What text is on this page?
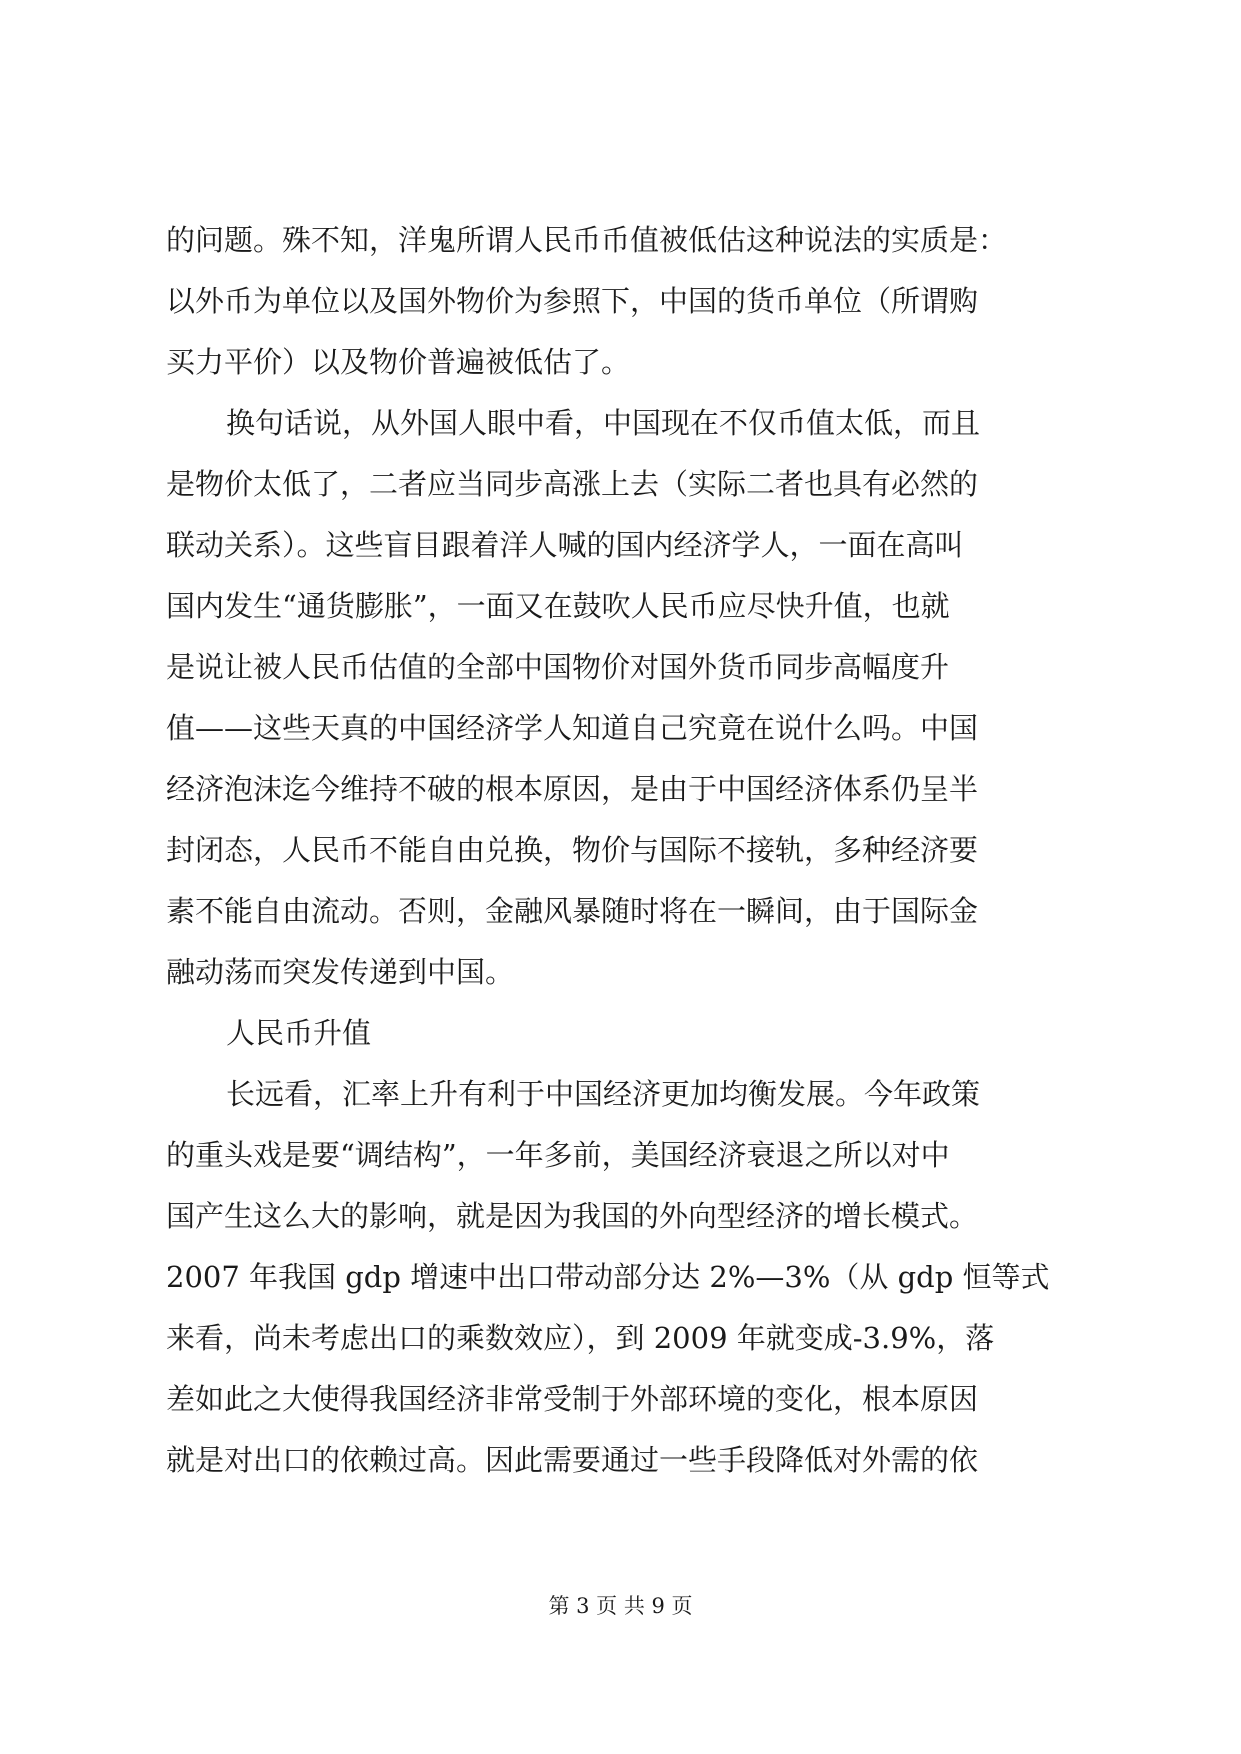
的问题。殊不知，洋鬼所谓人民币币值被低估这种说法的实质是：
以外币为单位以及国外物价为参照下，中国的货币单位（所谓购
买力平价）以及物价普遍被低估了。
换句话说，从外国人眼中看，中国现在不仅币值太低，而且
是物价太低了，二者应当同步高涨上去（实际二者也具有必然的
联动关系）。这些盲目跟着洋人喊的国内经济学人，一面在高叫
国内发生“通货膨胀”，一面又在鼓吹人民币应尽快升值，也就
是说让被人民币估值的全部中国物价对国外货币同步高幅度升
值——这些天真的中国经济学人知道自己究竟在说什么吗。中国
经济泡沫迄今维持不破的根本原因，是由于中国经济体系仍呈半
封闭态，人民币不能自由兑换，物价与国际不接轨，多种经济要
素不能自由流动。否则，金融风暴随时将在一瞬间，由于国际金
融动荡而突发传递到中国。
人民币升值
长远看，汇率上升有利于中国经济更加均衡发展。今年政策
的重头戏是要“调结构”，一年多前，美国经济衰退之所以对中
国产生这么大的影响，就是因为我国的外向型经济的增长模式。
2007 年我国 gdp 增速中出口带动部分达 2%—3%（从 gdp 恒等式
来看，尚未考虑出口的乘数效应），到 2009 年就变成-3.9%，落
差如此之大使得我国经济非常受制于外部环境的变化，根本原因
就是对出口的依赖过高。因此需要通过一些手段降低对外需的依
第 3 页 共 9 页
